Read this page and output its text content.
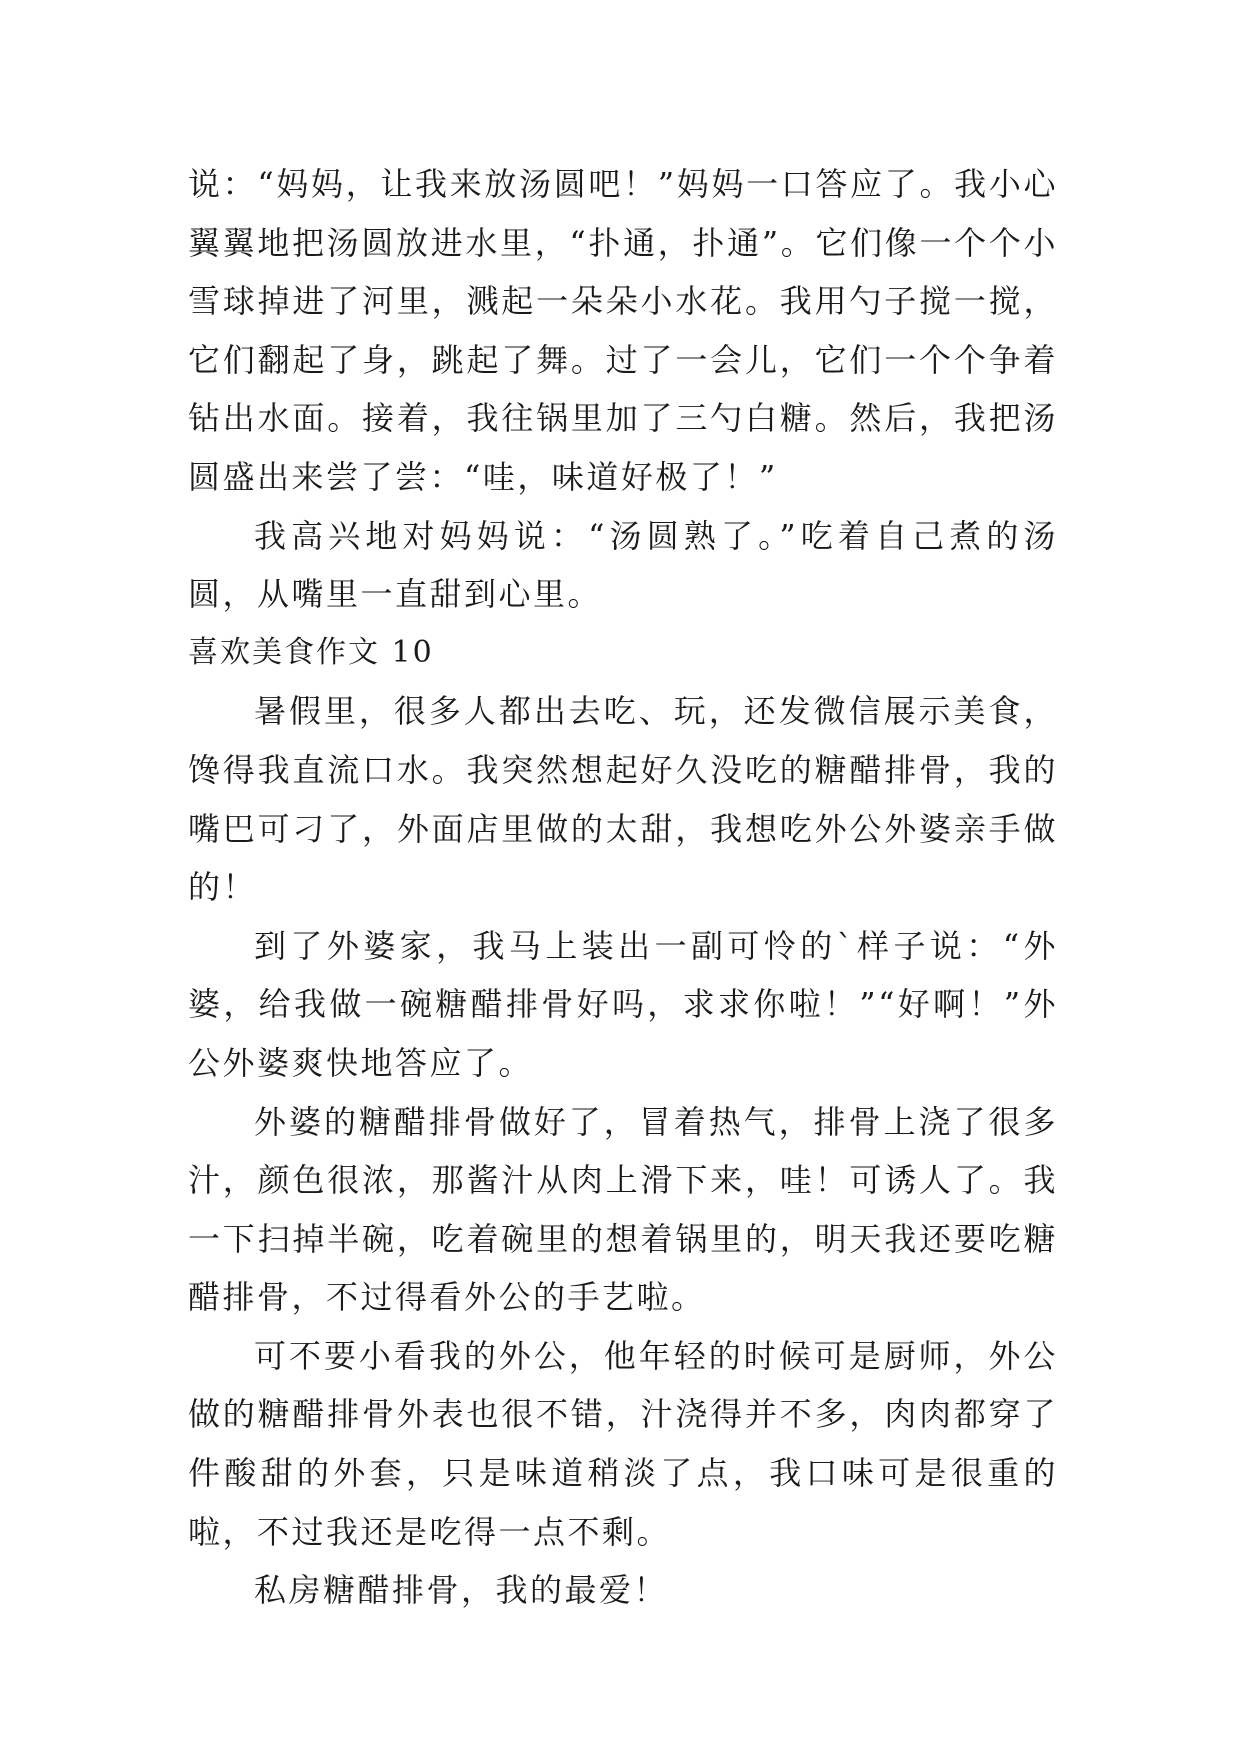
说：“妈妈，让我来放汤圆吧！”妈妈一口答应了。我小心翼翼地把汤圆放进水里，“扑通，扑通”。它们像一个个小雪球掉进了河里，溅起一朵朵小水花。我用勺子搅一搅，它们翻起了身，跳起了舞。过了一会儿，它们一个个争着钻出水面。接着，我往锅里加了三勺白糖。然后，我把汤圆盛出来尝了尝：“哇，味道好极了！”

我高兴地对妈妈说：“汤圆熟了。”吃着自己煮的汤圆，从嘴里一直甜到心里。

喜欢美食作文 10

暑假里，很多人都出去吃、玩，还发微信展示美食，馋得我直流口水。我突然想起好久没吃的糖醋排骨，我的嘴巴可刁了，外面店里做的太甜，我想吃外公外婆亲手做的！

到了外婆家，我马上装出一副可怜的`样子说：“外婆，给我做一碗糖醋排骨好吗，求求你啦！”“好啊！”外公外婆爽快地答应了。

外婆的糖醋排骨做好了，冒着热气，排骨上浇了很多汁，颜色很浓，那酱汁从肉上滑下来，哇！可诱人了。我一下扫掉半碗，吃着碗里的想着锅里的，明天我还要吃糖醋排骨，不过得看外公的手艺啦。

可不要小看我的外公，他年轻的时候可是厨师，外公做的糖醋排骨外表也很不错，汁浇得并不多，肉肉都穿了件酸甜的外套，只是味道稍淡了点，我口味可是很重的啦，不过我还是吃得一点不剩。

私房糖醋排骨，我的最爱！
